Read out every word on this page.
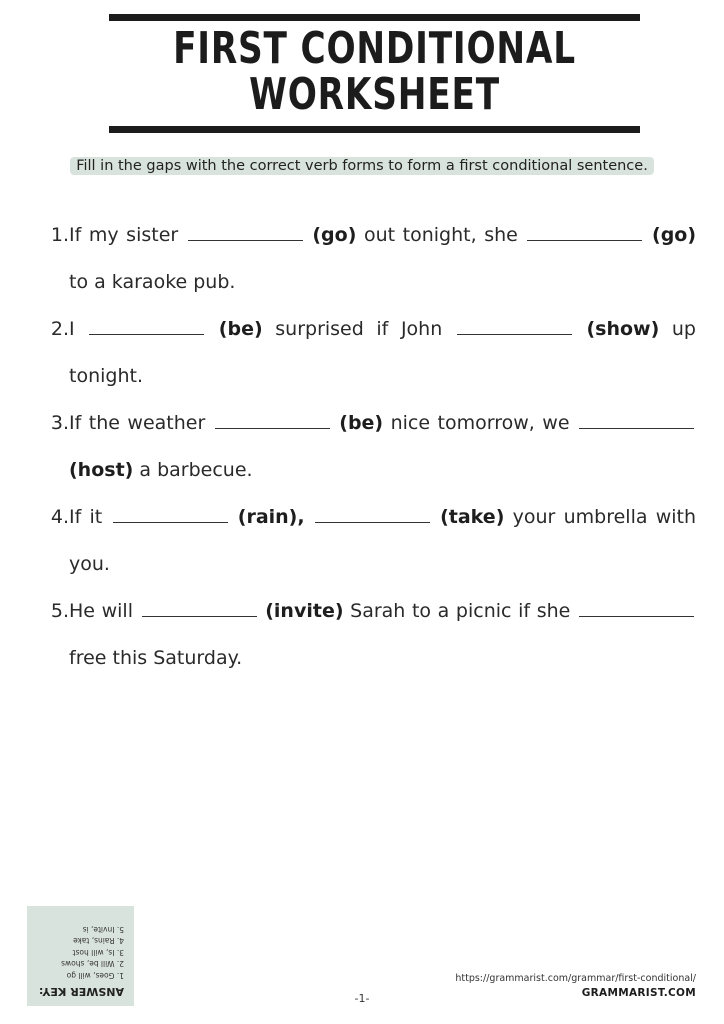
FIRST CONDITIONAL
WORKSHEET
Fill in the gaps with the correct verb forms to form a first conditional sentence.
1. If my sister	(go) out tonight, she	(go) to a karaoke pub.
2. I	(be) surprised if John	(show) up tonight.
3. If the weather	(be) nice tomorrow, we  (host) a barbecue.
4. If it	(rain),	(take) your umbrella with you.
5. He will	(invite) Sarah to a picnic if she  free this Saturday.
ANSWER KEY:
1. Goes, will go
2. Will be, shows
3. Is, will host
4. Rains, take
5. Invite, is
-1-
https://grammarist.com/grammar/first-conditional/
GRAMMARIST.COM
